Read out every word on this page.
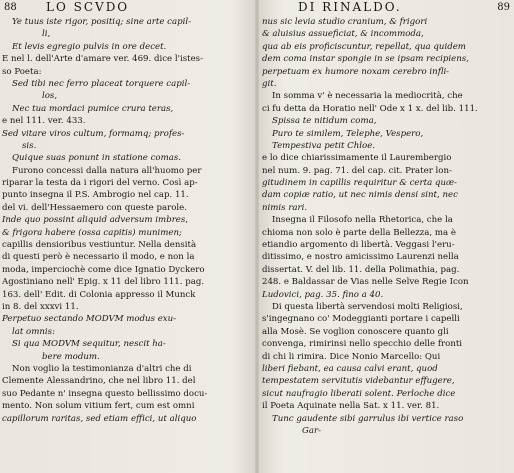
88	LO SCVDO
Ye tuus iste rigor, positiq; sine arte capil-
li,
Et levis egregio pulvis in ore decet.
E nel l. dell'Arte d'amare ver. 469. dice l'istes-
so Poeta:
Sed tibi nec ferro placeat torquere capil-
los,
Nec tua mordaci pumice crura teras,
e nel 111. ver. 433.
Sed vitare viros cultum, formamq; profes-
sis.
Quique suas ponunt in statione comas.
Furono concessi dalla natura all'huomo per
riparar la testa da i rigori del verno. Così ap-
punto insegna il P.S. Ambrogio nel cap. 11.
del vi. dell'Hessaemero con queste parole.
Inde quo possint aliquid adversum imbres,
& frigora habere (ossa capitis) munimen;
capillis densioribus vestiuntur. Nella densità
di questi però è necessario il modo, e non la
moda, imperciochè come dice Ignatio Dyckero
Agostiniano nell' Epig. x 11 del libro 111. pag.
163. dell' Edit. di Colonia appresso il Munck
in 8. del xxxvi 11.
Perpetuo sectando MODVM modus exu-
lat omnis:
Si qua MODVM sequitur, nescit ha-
bere modum.
Non voglio la testimonianza d'altri che di
Clemente Alessandrino, che nel libro 11. del
suo Pedante n' insegna questo bellissimo docu-
mento. Non solum vitium fert, cum est omni
capillorum raritas, sed etiam effici, ut aliquo
DI RINALDO.	89
nus sic levia studio cranium, & frigori
& aluisius assueficiat, & incommoda,
qua ab eis proficiscuntur, repellat, qua quidem
dem coma instar spongie in se ipsam recipiens,
perpetuam ex humore noxam cerebro infli-
git.
In somma v' è necessaria la mediocrità, che
ci fu detta da Horatio nell' Ode x 1 x. del lib. 111.
Spissa te nitidum coma,
Puro te similem, Telephe, Vespero,
Tempestiva petit Chloe.
e lo dice chiarissimamente il Laurembergio
nel num. 9. pag. 71. del cap. cit. Prater lon-
gitudinem in capillis requiritur & certa quæ-
dam copiæ ratio, ut nec nimis densi sint, nec
nimis rari.
Insegna il Filosofo nella Rhetorica, che la
chioma non solo è parte della Bellezza, ma è
etiandio argomento di libertà. Veggasi l'eru-
ditissimo, e nostro amicissimo Laurenzi nella
dissertat. V. del lib. 11. della Polimathia, pag.
248. e Baldassar de Vias nelle Selve Regie Icon
Ludovici, pag. 35. fino a 40.
Di questa libertà servendosi molti Religiosi,
s'ingegnano co' Modeggianti portare i capelli
alla Mosè. Se voglion conoscere quanto gli
convenga, rimirinsi nello specchio delle fronti
di chi li rimira. Dice Nonio Marcello: Qui
liberi fiebant, ea causa calvi erant, quod
tempestatem servitutis videbantur effugere,
sicut naufragio liberati solent. Perloche dice
il Poeta Aquinate nella Sat. x 11. ver. 81.
Tunc gaudente sibi garrulus ibi vertice raso
Gar-
